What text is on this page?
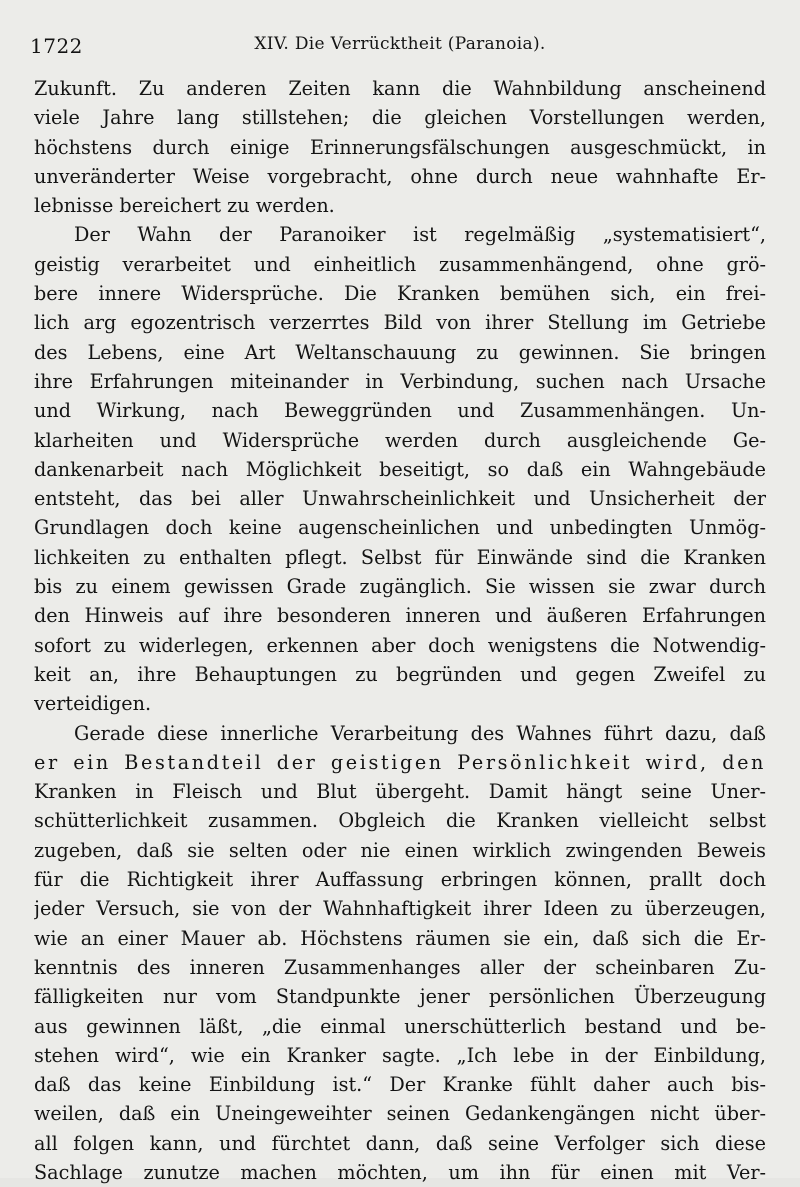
1722	XIV. Die Verrücktheit (Paranoia).
Zukunft. Zu anderen Zeiten kann die Wahnbildung anscheinend
viele Jahre lang stillstehen; die gleichen Vorstellungen werden,
höchstens durch einige Erinnerungsfälschungen ausgeschmückt, in
unveränderter Weise vorgebracht, ohne durch neue wahnhafte Er-
lebnisse bereichert zu werden.
Der Wahn der Paranoiker ist regelmäßig „systematisiert“,
geistig verarbeitet und einheitlich zusammenhängend, ohne grö-
bere innere Widersprüche. Die Kranken bemühen sich, ein frei-
lich arg egozentrisch verzerrtes Bild von ihrer Stellung im Getriebe
des Lebens, eine Art Weltanschauung zu gewinnen. Sie bringen
ihre Erfahrungen miteinander in Verbindung, suchen nach Ursache
und Wirkung, nach Beweggründen und Zusammenhängen. Un-
klarheiten und Widersprüche werden durch ausgleichende Ge-
dankenarbeit nach Möglichkeit beseitigt, so daß ein Wahngebäude
entsteht, das bei aller Unwahrscheinlichkeit und Unsicherheit der
Grundlagen doch keine augenscheinlichen und unbedingten Unmög-
lichkeiten zu enthalten pflegt. Selbst für Einwände sind die Kranken
bis zu einem gewissen Grade zugänglich. Sie wissen sie zwar durch
den Hinweis auf ihre besonderen inneren und äußeren Erfahrungen
sofort zu widerlegen, erkennen aber doch wenigstens die Notwendig-
keit an, ihre Behauptungen zu begründen und gegen Zweifel zu
verteidigen.
Gerade diese innerliche Verarbeitung des Wahnes führt dazu, daß
er ein Bestandteil der geistigen Persönlichkeit wird, den
Kranken in Fleisch und Blut übergeht. Damit hängt seine Uner-
schütterlichkeit zusammen. Obgleich die Kranken vielleicht selbst
zugeben, daß sie selten oder nie einen wirklich zwingenden Beweis
für die Richtigkeit ihrer Auffassung erbringen können, prallt doch
jeder Versuch, sie von der Wahnhaftigkeit ihrer Ideen zu überzeugen,
wie an einer Mauer ab. Höchstens räumen sie ein, daß sich die Er-
kenntnis des inneren Zusammenhanges aller der scheinbaren Zu-
fälligkeiten nur vom Standpunkte jener persönlichen Überzeugung
aus gewinnen läßt, „die einmal unerschütterlich bestand und be-
stehen wird“, wie ein Kranker sagte. „Ich lebe in der Einbildung,
daß das keine Einbildung ist.“ Der Kranke fühlt daher auch bis-
weilen, daß ein Uneingeweihter seinen Gedankengängen nicht über-
all folgen kann, und fürchtet dann, daß seine Verfolger sich diese
Sachlage zunutze machen möchten, um ihn für einen mit Ver-
